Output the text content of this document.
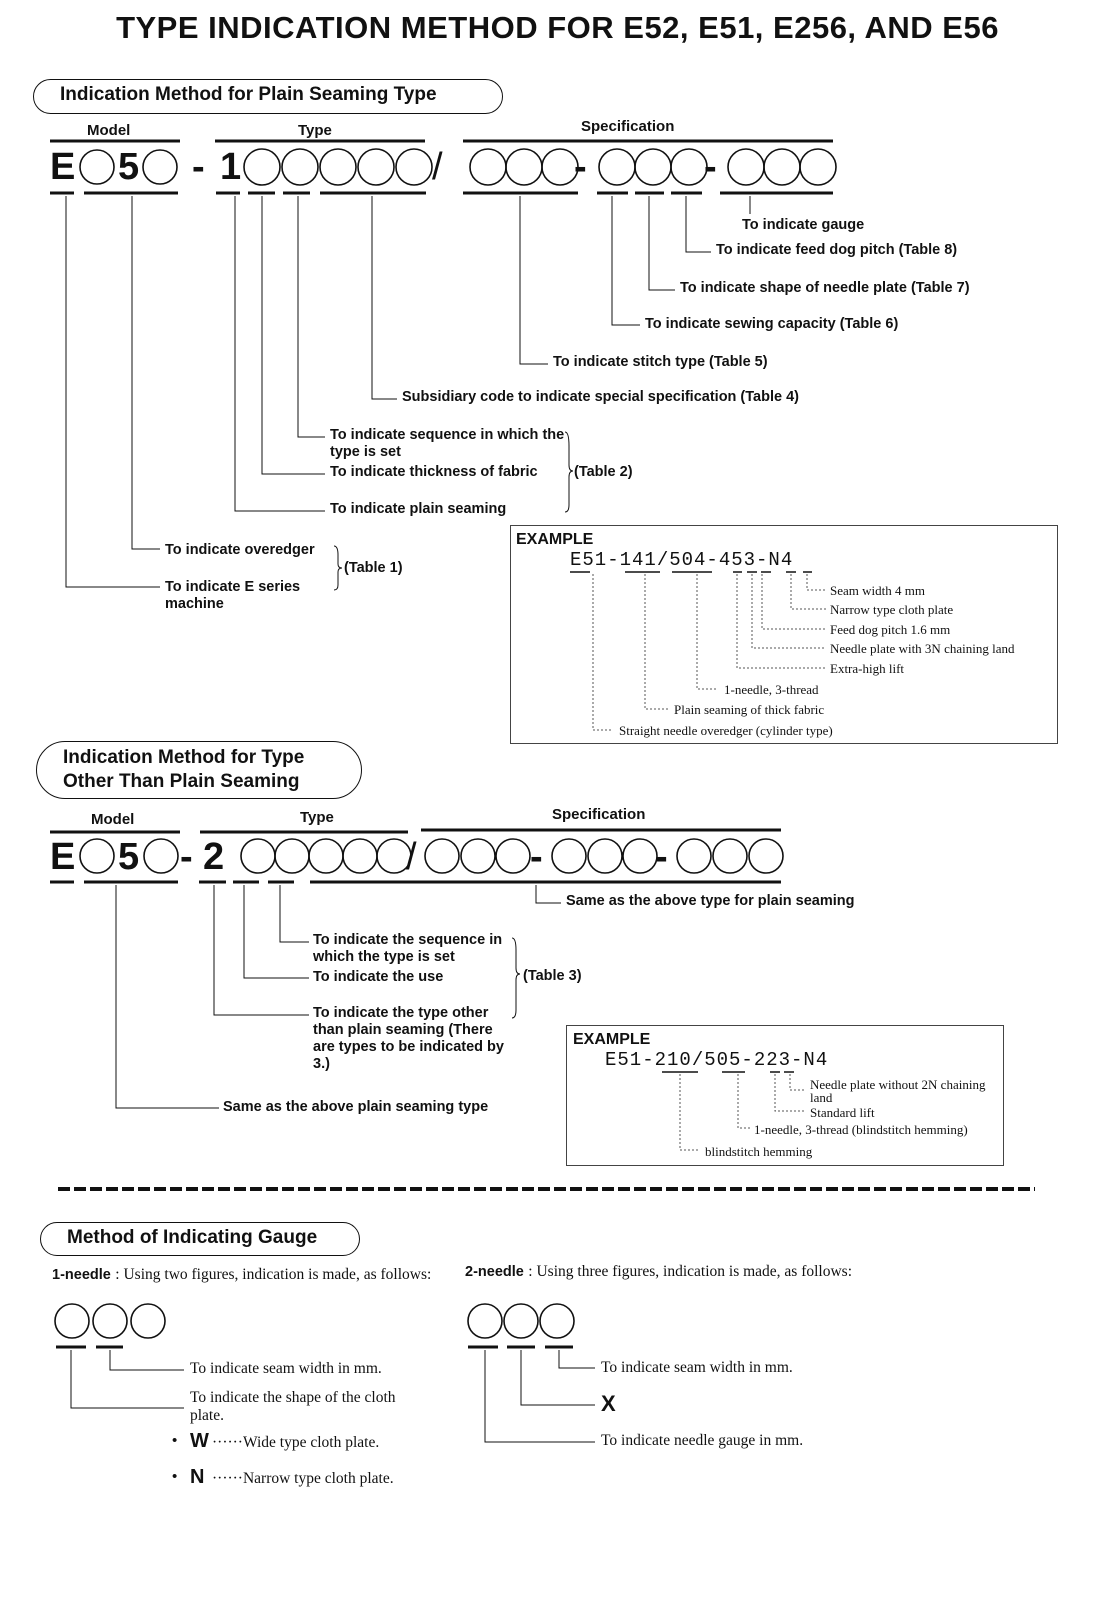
TYPE INDICATION METHOD FOR E52, E51, E256, AND E56
Indication Method for Plain Seaming Type
Model	Type	Specification
E 5 - 1	/	-	-
To indicate gauge
To indicate feed dog pitch (Table 8)
To indicate shape of needle plate (Table 7)
To indicate sewing capacity (Table 6)
To indicate stitch type (Table 5)
Subsidiary code to indicate special specification (Table 4)
To indicate sequence in which the type is set
To indicate thickness of fabric	(Table 2)
To indicate plain seaming
To indicate overedger
(Table 1)
To indicate E series machine
EXAMPLE
E51-141/504-453-N4
Seam width 4 mm
Narrow type cloth plate
Feed dog pitch 1.6 mm
Needle plate with 3N chaining land
Extra-high lift
1-needle, 3-thread
Plain seaming of thick fabric
Straight needle overedger (cylinder type)
Indication Method for Type
Other Than Plain Seaming
Model	Type	Specification
E 5 - 2	/	-	-
Same as the above type for plain seaming
To indicate the sequence in which the type is set
To indicate the use	(Table 3)
To indicate the type other than plain seaming (There are types to be indicated by 3.)
Same as the above plain seaming type
EXAMPLE
E51-210/505-223-N4
Needle plate without 2N chaining land
Standard lift
1-needle, 3-thread (blindstitch hemming)
blindstitch hemming
Method of Indicating Gauge
1-needle : Using two figures, indication is made, as follows:
To indicate seam width in mm.
To indicate the shape of the cloth plate.
• W ······Wide type cloth plate.
• N ······Narrow type cloth plate.
2-needle : Using three figures, indication is made, as follows:
To indicate seam width in mm.
X
To indicate needle gauge in mm.
